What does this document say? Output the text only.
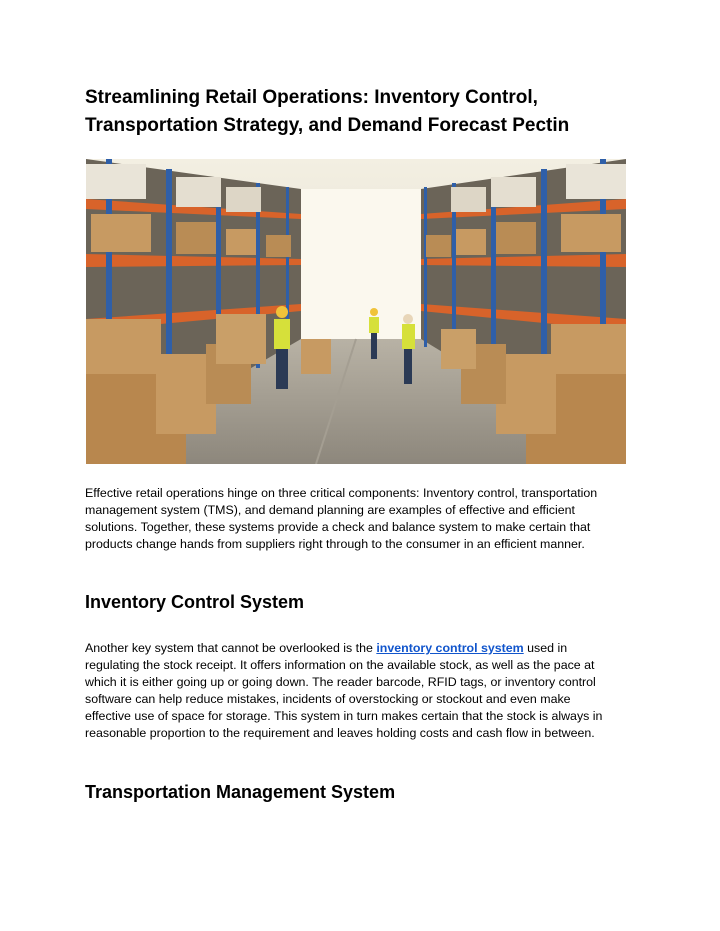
Streamlining Retail Operations: Inventory Control,
Transportation Strategy, and Demand Forecast Pectin

Effective retail operations hinge on three critical components: Inventory control, transportation
management system (TMS), and demand planning are examples of effective and efficient
solutions. Together, these systems provide a check and balance system to make certain that
products change hands from suppliers right through to the consumer in an efficient manner.

Inventory Control System

Another key system that cannot be overlooked is the inventory control system used in
regulating the stock receipt. It offers information on the available stock, as well as the pace at
which it is either going up or going down. The reader barcode, RFID tags, or inventory control
software can help reduce mistakes, incidents of overstocking or stockout and even make
effective use of space for storage. This system in turn makes certain that the stock is always in
reasonable proportion to the requirement and leaves holding costs and cash flow in between.

Transportation Management System
